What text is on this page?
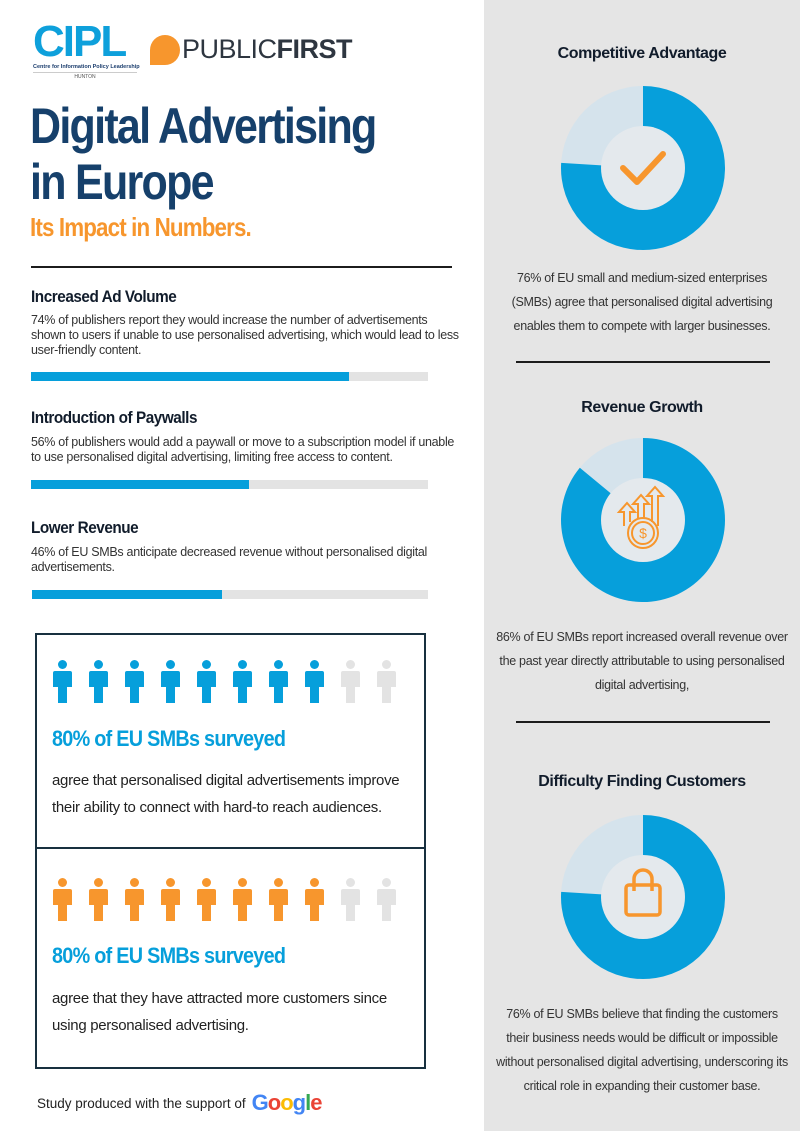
CIPL
Centre for Information Policy Leadership
HUNTON
PUBLICFIRST
Digital Advertising
in Europe
Its Impact in Numbers.
Increased Ad Volume
74% of publishers report they would increase the number of advertisements shown to users if unable to use personalised advertising, which would lead to less user-friendly content.
Introduction of Paywalls
56% of publishers would add a paywall or move to a subscription model if unable to use personalised digital advertising, limiting free access to content.
Lower Revenue
46% of EU SMBs anticipate decreased revenue without personalised digital advertisements.
80% of EU SMBs surveyed
agree that personalised digital advertisements improve their ability to connect with hard-to reach audiences.
80% of EU SMBs surveyed
agree that they have attracted more customers since using personalised advertising.
Study produced with the support of Google
Competitive Advantage
76% of EU small and medium-sized enterprises (SMBs) agree that personalised digital advertising enables them to compete with larger businesses.
Revenue Growth
$
86% of EU SMBs report increased overall revenue over the past year directly attributable to using personalised digital advertising,
Difficulty Finding Customers
76% of EU SMBs believe that finding the customers their business needs would be difficult or impossible without personalised digital advertising, underscoring its critical role in expanding their customer base.
